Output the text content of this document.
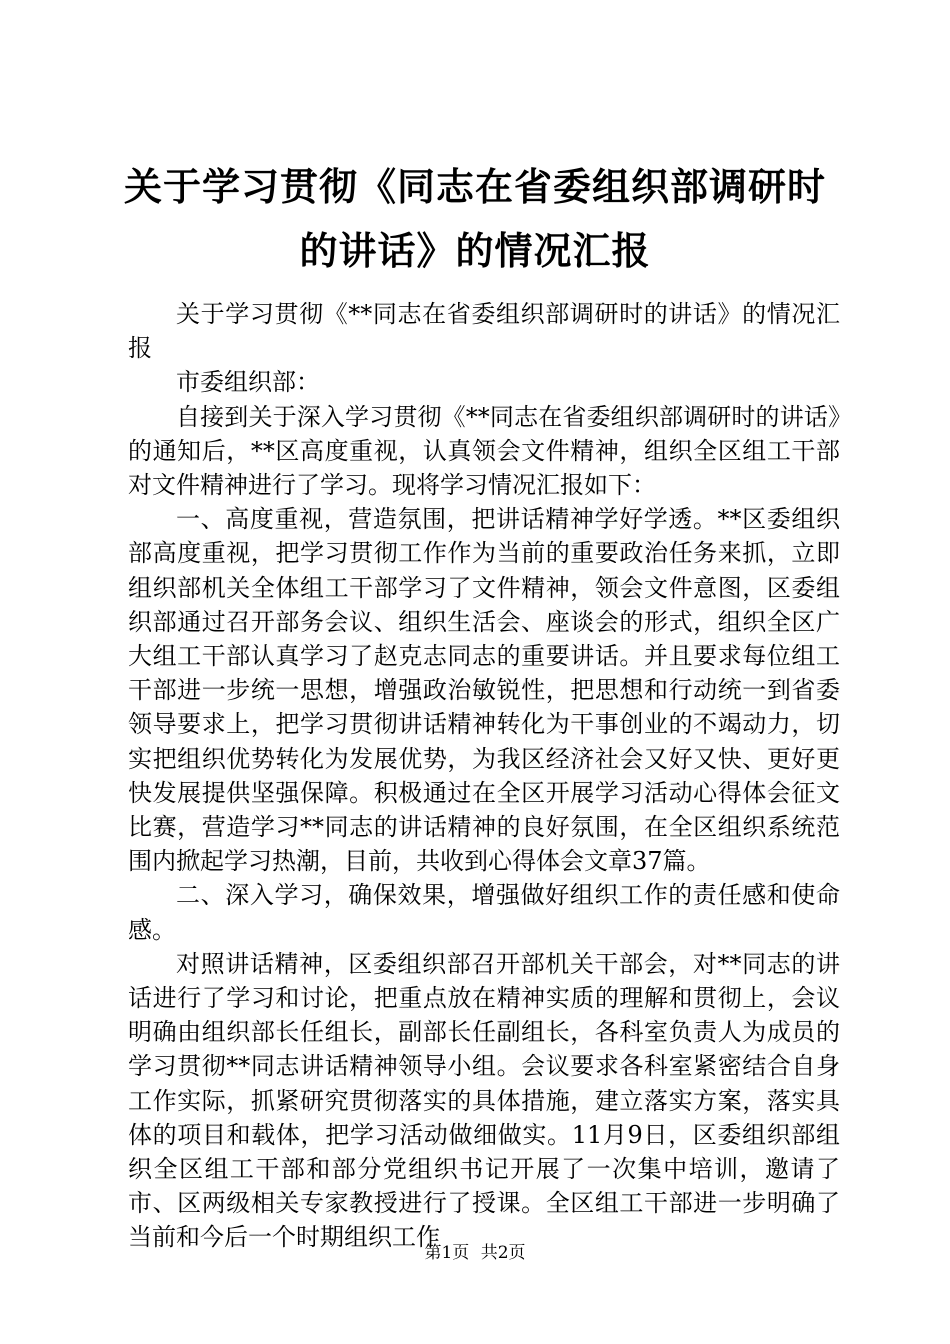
关于学习贯彻《同志在省委组织部调研时的讲话》的情况汇报

关于学习贯彻《**同志在省委组织部调研时的讲话》的情况汇报

市委组织部：

自接到关于深入学习贯彻《**同志在省委组织部调研时的讲话》的通知后，**区高度重视，认真领会文件精神，组织全区组工干部对文件精神进行了学习。现将学习情况汇报如下：

一、高度重视，营造氛围，把讲话精神学好学透。**区委组织部高度重视，把学习贯彻工作作为当前的重要政治任务来抓，立即组织部机关全体组工干部学习了文件精神，领会文件意图，区委组织部通过召开部务会议、组织生活会、座谈会的形式，组织全区广大组工干部认真学习了赵克志同志的重要讲话。并且要求每位组工干部进一步统一思想，增强政治敏锐性，把思想和行动统一到省委领导要求上，把学习贯彻讲话精神转化为干事创业的不竭动力，切实把组织优势转化为发展优势，为我区经济社会又好又快、更好更快发展提供坚强保障。积极通过在全区开展学习活动心得体会征文比赛，营造学习**同志的讲话精神的良好氛围，在全区组织系统范围内掀起学习热潮，目前，共收到心得体会文章37篇。

二、深入学习，确保效果，增强做好组织工作的责任感和使命感。

对照讲话精神，区委组织部召开部机关干部会，对**同志的讲话进行了学习和讨论，把重点放在精神实质的理解和贯彻上，会议明确由组织部长任组长，副部长任副组长，各科室负责人为成员的学习贯彻**同志讲话精神领导小组。会议要求各科室紧密结合自身工作实际，抓紧研究贯彻落实的具体措施，建立落实方案，落实具体的项目和载体，把学习活动做细做实。11月9日，区委组织部组织全区组工干部和部分党组织书记开展了一次集中培训，邀请了市、区两级相关专家教授进行了授课。全区组工干部进一步明确了当前和今后一个时期组织工作

第1页 共2页
